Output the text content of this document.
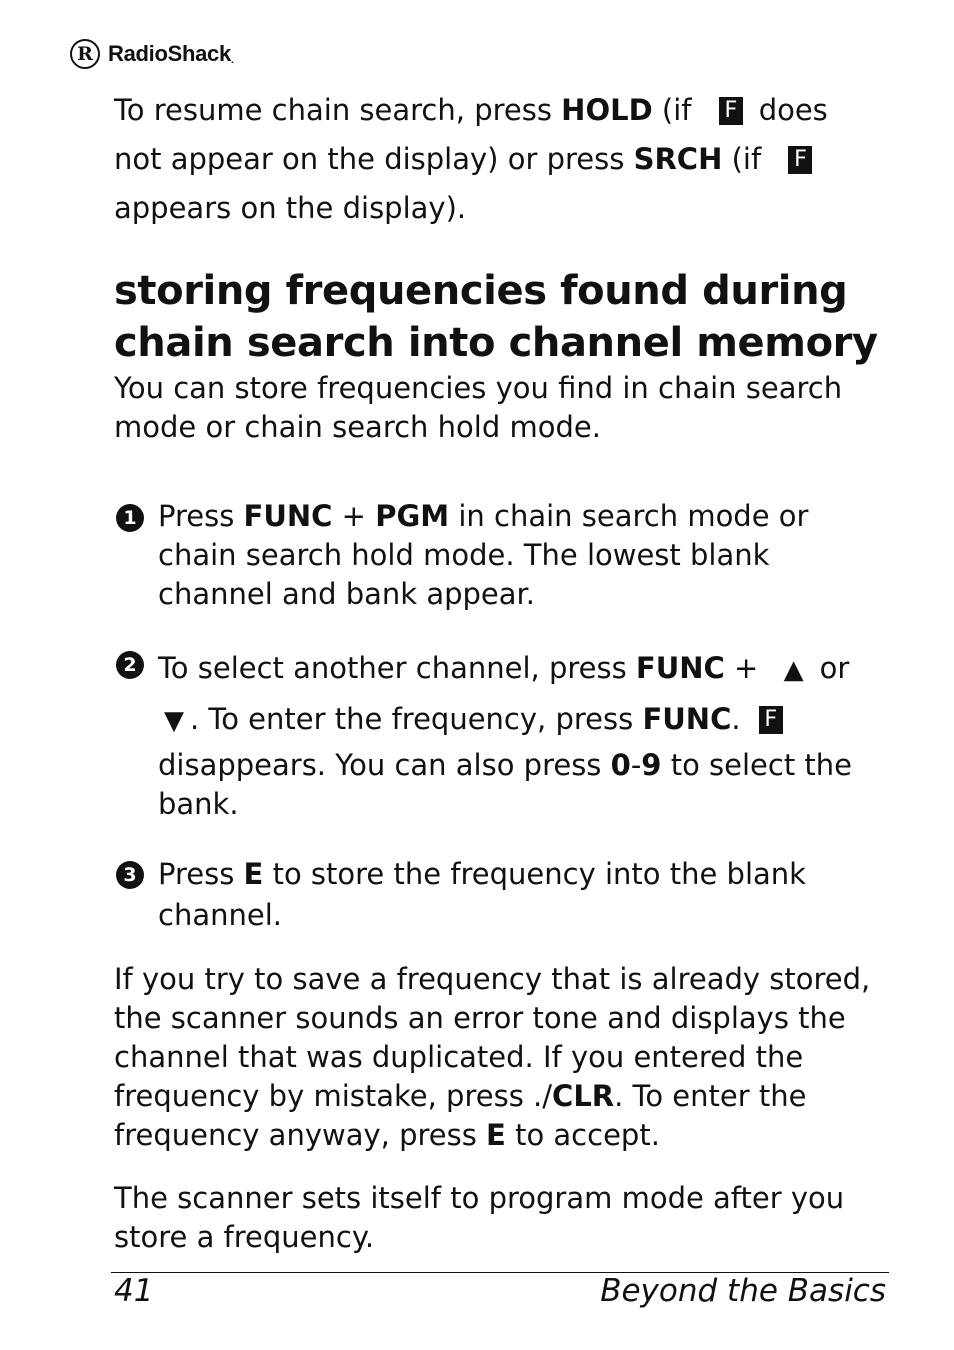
R RadioShack .

To resume chain search, press HOLD (if F does not appear on the display) or press SRCH (if Fappears on the display).

storing frequencies found during chain search into channel memory

You can store frequencies you find in chain search mode or chain search hold mode.

1 Press FUNC + PGM in chain search mode or chain search hold mode. The lowest blank channel and bank appear.

2 To select another channel, press FUNC + ▲ or
▼ . To enter the frequency, press FUNC. F
disappears. You can also press 0-9 to select the bank.

3 Press E to store the frequency into the blank channel.

If you try to save a frequency that is already stored, the scanner sounds an error tone and displays the channel that was duplicated. If you entered the frequency by mistake, press ./CLR. To enter the frequency anyway, press E to accept.

The scanner sets itself to program mode after you store a frequency.

41	Beyond the Basics
